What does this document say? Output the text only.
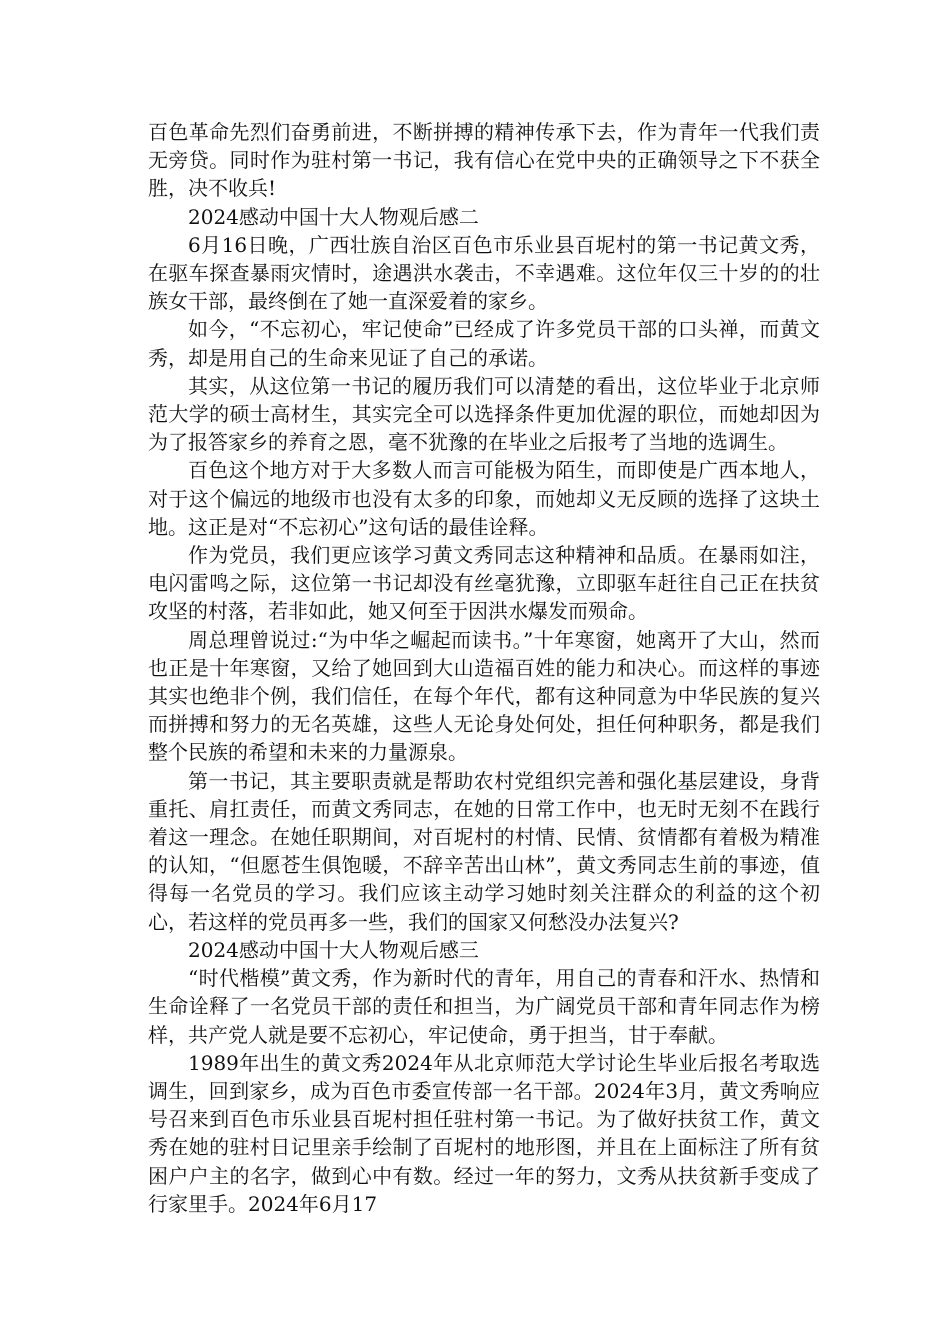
百色革命先烈们奋勇前进，不断拼搏的精神传承下去，作为青年一代我们责无旁贷。同时作为驻村第一书记，我有信心在党中央的正确领导之下不获全胜，决不收兵!

2024感动中国十大人物观后感二

6月16日晚，广西壮族自治区百色市乐业县百坭村的第一书记黄文秀，在驱车探查暴雨灾情时，途遇洪水袭击，不幸遇难。这位年仅三十岁的的壮族女干部，最终倒在了她一直深爱着的家乡。

如今，“不忘初心，牢记使命”已经成了许多党员干部的口头禅，而黄文秀，却是用自己的生命来见证了自己的承诺。

其实，从这位第一书记的履历我们可以清楚的看出，这位毕业于北京师范大学的硕士高材生，其实完全可以选择条件更加优渥的职位，而她却因为为了报答家乡的养育之恩，毫不犹豫的在毕业之后报考了当地的选调生。

百色这个地方对于大多数人而言可能极为陌生，而即使是广西本地人，对于这个偏远的地级市也没有太多的印象，而她却义无反顾的选择了这块土地。这正是对“不忘初心”这句话的最佳诠释。

作为党员，我们更应该学习黄文秀同志这种精神和品质。在暴雨如注，电闪雷鸣之际，这位第一书记却没有丝毫犹豫，立即驱车赶往自己正在扶贫攻坚的村落，若非如此，她又何至于因洪水爆发而殒命。

周总理曾说过:“为中华之崛起而读书。”十年寒窗，她离开了大山，然而也正是十年寒窗，又给了她回到大山造福百姓的能力和决心。而这样的事迹其实也绝非个例，我们信任，在每个年代，都有这种同意为中华民族的复兴而拼搏和努力的无名英雄，这些人无论身处何处，担任何种职务，都是我们整个民族的希望和未来的力量源泉。

第一书记，其主要职责就是帮助农村党组织完善和强化基层建设，身背重托、肩扛责任，而黄文秀同志，在她的日常工作中，也无时无刻不在践行着这一理念。在她任职期间，对百坭村的村情、民情、贫情都有着极为精准的认知，“但愿苍生俱饱暖，不辞辛苦出山林”，黄文秀同志生前的事迹，值得每一名党员的学习。我们应该主动学习她时刻关注群众的利益的这个初心，若这样的党员再多一些，我们的国家又何愁没办法复兴?

2024感动中国十大人物观后感三

“时代楷模”黄文秀，作为新时代的青年，用自己的青春和汗水、热情和生命诠释了一名党员干部的责任和担当，为广阔党员干部和青年同志作为榜样，共产党人就是要不忘初心，牢记使命，勇于担当，甘于奉献。

1989年出生的黄文秀2024年从北京师范大学讨论生毕业后报名考取选调生，回到家乡，成为百色市委宣传部一名干部。2024年3月，黄文秀响应号召来到百色市乐业县百坭村担任驻村第一书记。为了做好扶贫工作，黄文秀在她的驻村日记里亲手绘制了百坭村的地形图，并且在上面标注了所有贫困户户主的名字，做到心中有数。经过一年的努力，文秀从扶贫新手变成了行家里手。2024年6月17
